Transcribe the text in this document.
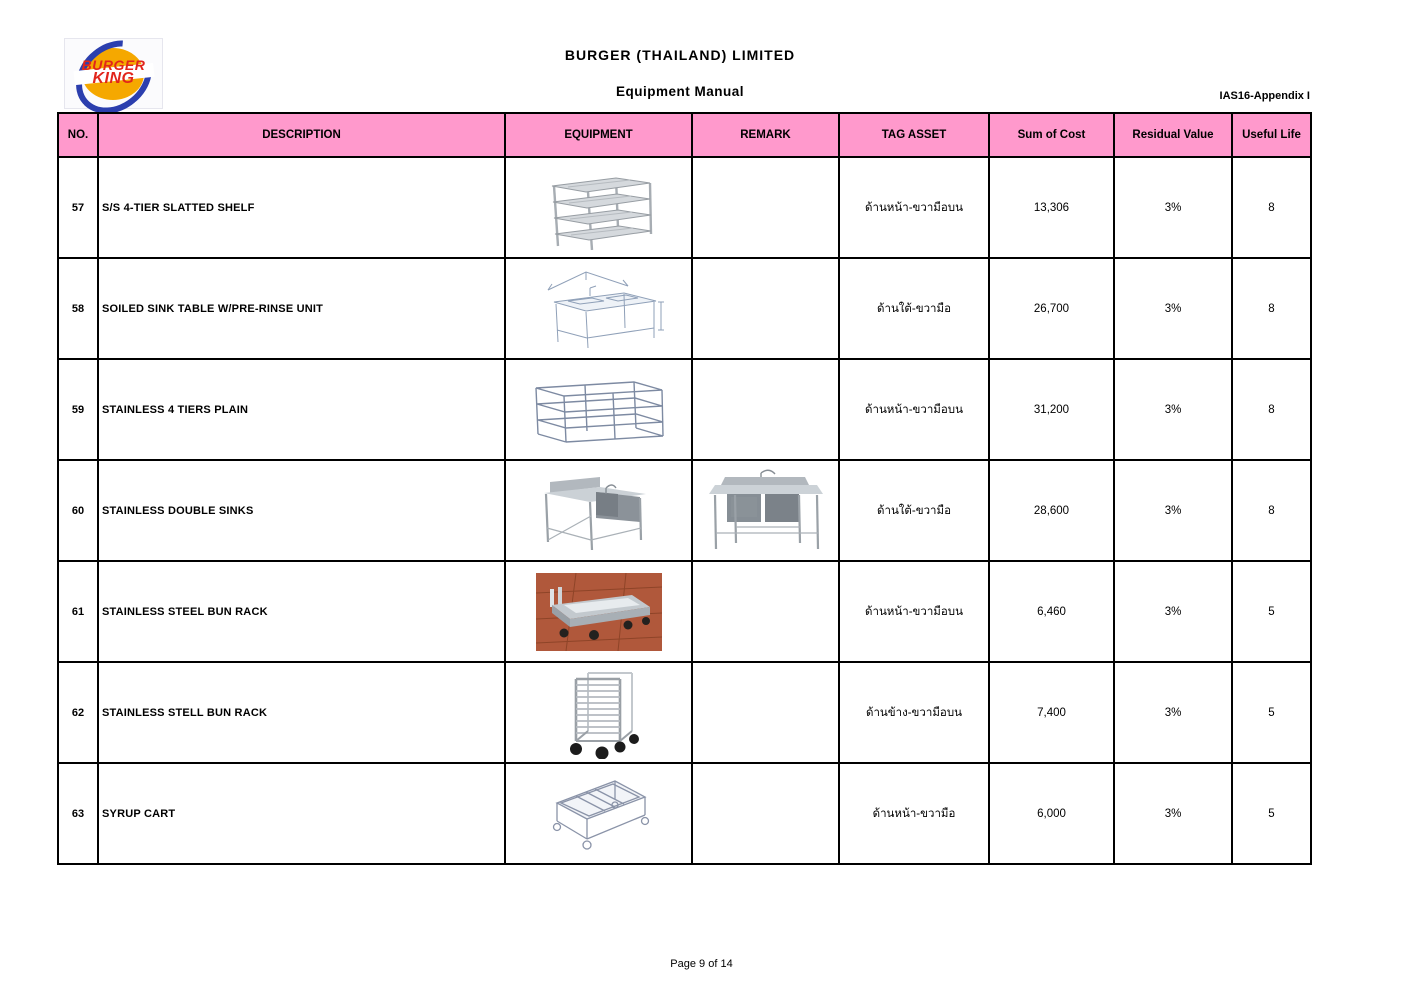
BURGER
KING
BURGER (THAILAND) LIMITED
Equipment Manual	IAS16-Appendix I
NO.	DESCRIPTION	EQUIPMENT	REMARK	TAG ASSET	Sum of Cost	Residual Value	Useful Life
57	S/S 4-TIER SLATTED SHELF			ด้านหน้า-ขวามือบน	13,306	3%	8
58	SOILED SINK TABLE W/PRE-RINSE UNIT			ด้านใต้-ขวามือ	26,700	3%	8
59	STAINLESS 4 TIERS PLAIN			ด้านหน้า-ขวามือบน	31,200	3%	8
60	STAINLESS DOUBLE SINKS			ด้านใต้-ขวามือ	28,600	3%	8
61	STAINLESS STEEL BUN RACK			ด้านหน้า-ขวามือบน	6,460	3%	5
62	STAINLESS STELL BUN RACK			ด้านข้าง-ขวามือบน	7,400	3%	5
63	SYRUP CART			ด้านหน้า-ขวามือ	6,000	3%	5
Page 9 of 14
